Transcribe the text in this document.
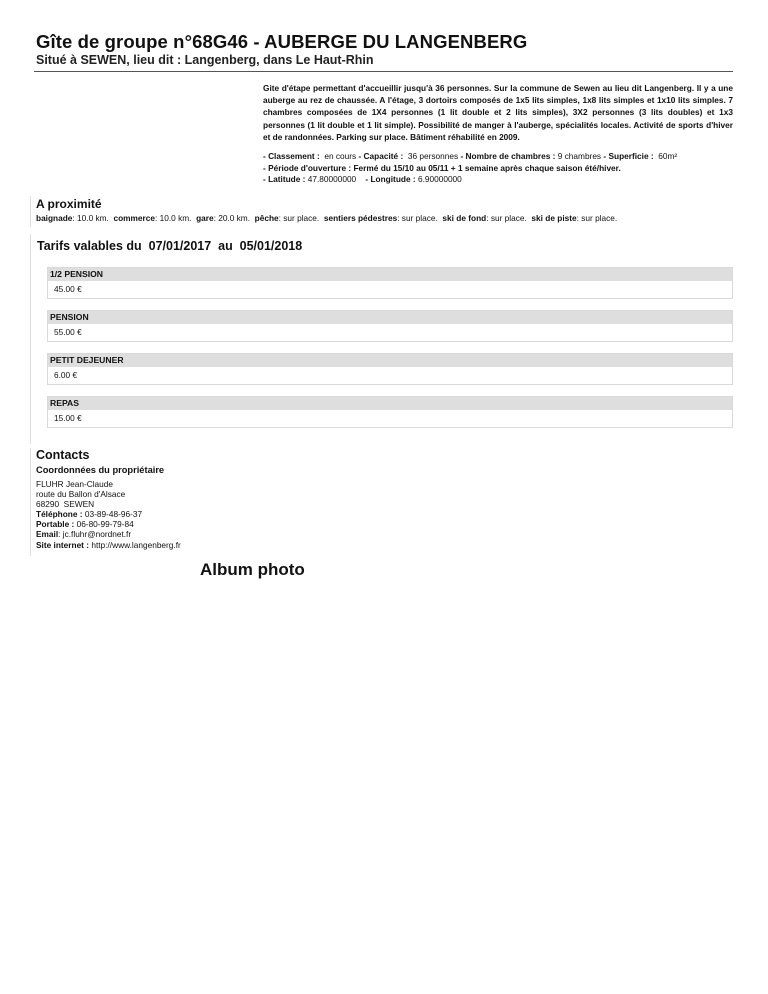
Gîte de groupe n°68G46 - AUBERGE DU LANGENBERG
Situé à SEWEN, lieu dit : Langenberg, dans Le Haut-Rhin
Gite d'étape permettant d'accueillir jusqu'à 36 personnes. Sur la commune de Sewen au lieu dit Langenberg. Il y a une auberge au rez de chaussée. A l'étage, 3 dortoirs composés de 1x5 lits simples, 1x8 lits simples et 1x10 lits simples. 7 chambres composées de 1X4 personnes (1 lit double et 2 lits simples), 3X2 personnes (3 lits doubles) et 1x3 personnes (1 lit double et 1 lit simple). Possibilité de manger à l'auberge, spécialités locales. Activité de sports d'hiver et de randonnées. Parking sur place. Bâtiment réhabilité en 2009.
- Classement : en cours - Capacité : 36 personnes - Nombre de chambres : 9 chambres - Superficie : 60m²
- Période d'ouverture : Fermé du 15/10 au 05/11 + 1 semaine après chaque saison été/hiver.
- Latitude : 47.80000000 - Longitude : 6.90000000
A proximité
baignade: 10.0 km. commerce: 10.0 km. gare: 20.0 km. pêche: sur place. sentiers pédestres: sur place. ski de fond: sur place. ski de piste: sur place.
Tarifs valables du  07/01/2017  au  05/01/2018
1/2 PENSION
45.00 €
PENSION
55.00 €
PETIT DEJEUNER
6.00 €
REPAS
15.00 €
Contacts
Coordonnées du propriétaire
FLUHR Jean-Claude
route du Ballon d'Alsace
68290  SEWEN
Téléphone : 03-89-48-96-37
Portable : 06-80-99-79-84
Email: jc.fluhr@nordnet.fr
Site internet : http://www.langenberg.fr
Album photo
